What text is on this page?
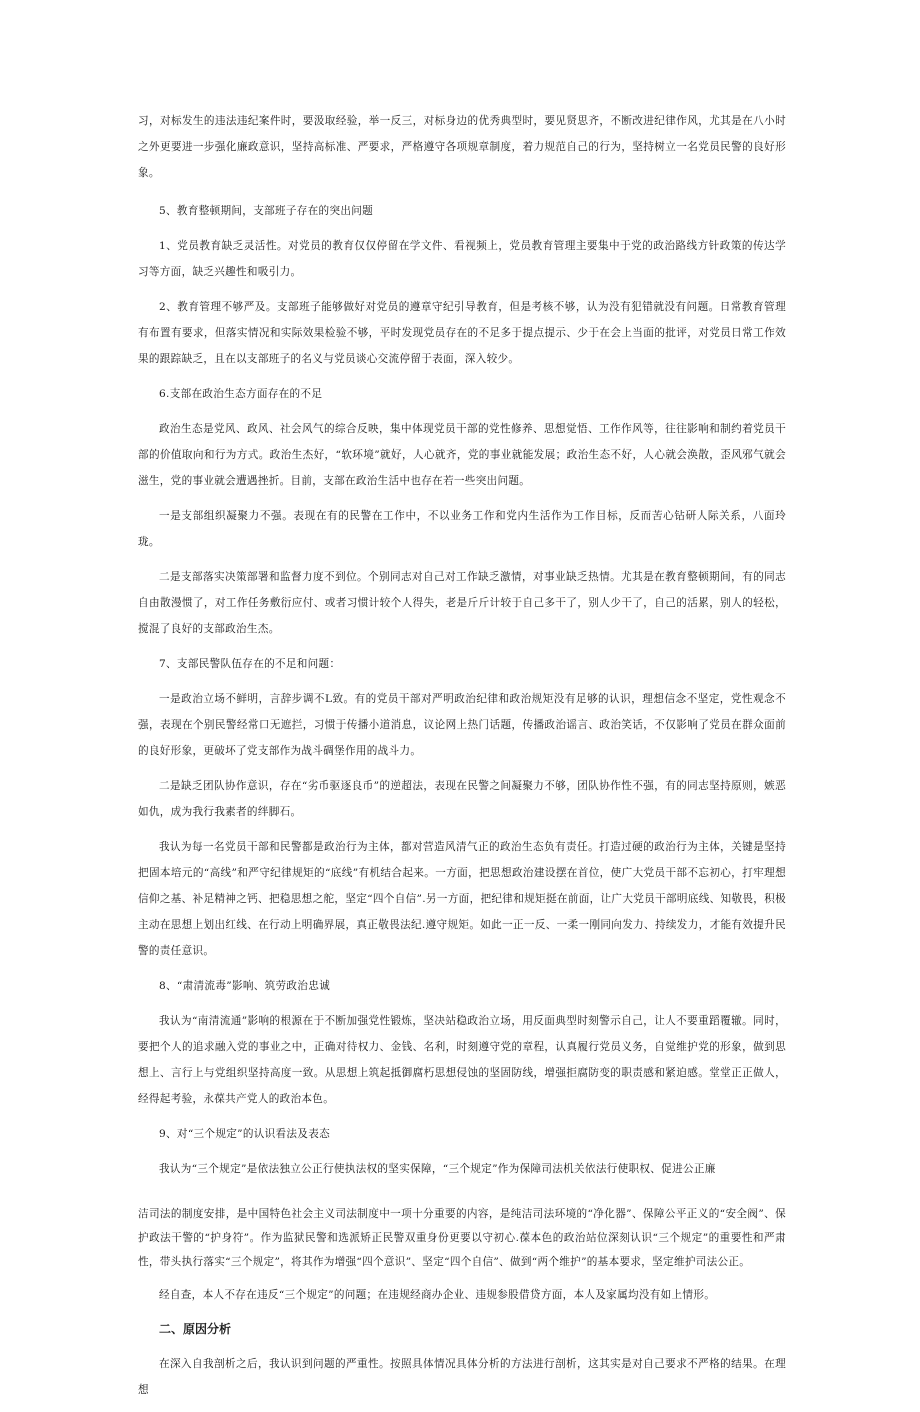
习，对标发生的违法违纪案件时，要汲取经验，举一反三，对标身边的优秀典型时，要见贤思齐，不断改进纪律作风，尤其是在八小时之外更要进一步强化廉政意识，坚持高标准、严要求，严格遵守各项规章制度，着力规范自己的行为，坚持树立一名党员民警的良好形象。

5、教育整顿期间，支部班子存在的突出问题

1、党员教育缺乏灵活性。对党员的教育仅仅停留在学文件、看视频上，党员教育管理主要集中于党的政治路线方针政策的传达学习等方面，缺乏兴趣性和吸引力。

2、教育管理不够严及。支部班子能够做好对党员的遵章守纪引导教育，但是考核不够，认为没有犯错就没有问题。日常教育管理有布置有要求，但落实情况和实际效果检验不够，平时发现党员存在的不足多于提点提示、少于在会上当面的批评，对党员日常工作效果的跟踪缺乏，且在以支部班子的名义与党员谈心交流停留于表面，深入较少。

6.支部在政治生态方面存在的不足

政治生态是党风、政风、社会风气的综合反映，集中体现党员干部的党性修养、思想觉悟、工作作风等，往往影响和制约着党员干部的价值取向和行为方式。政治生杰好，“软环境”就好，人心就齐，党的事业就能发展；政治生态不好，人心就会涣散，歪风邪气就会滋生，党的事业就会遭遇挫折。目前，支部在政治生活中也存在若一些突出问题。

一是支部组织凝聚力不强。表现在有的民警在工作中，不以业务工作和党内生活作为工作目标，反而苦心钻研人际关系，八面玲珑。

二是支部落实决策部署和监督力度不到位。个别同志对自己对工作缺乏激情，对事业缺乏热情。尤其是在教育整顿期间，有的同志自由散漫惯了，对工作任务敷衍应付、或者习惯计较个人得失，老是斤斤计较于自己多干了，别人少干了，自己的活累，别人的轻松，搅混了良好的支部政治生杰。

7、支部民警队伍存在的不足和问题：

一是政治立场不鲜明，言辞步调不L致。有的党员干部对严明政治纪律和政治规矩没有足够的认识，理想信念不坚定，党性观念不强，表现在个别民警经常口无遮拦，习惯于传播小道消息，议论网上热门话题，传播政治谣言、政治笑话，不仅影响了党员在群众面前的良好形象，更破坏了党支部作为战斗碉堡作用的战斗力。

二是缺乏团队协作意识，存在“劣币驱逐良币”的逆超法，表现在民警之间凝聚力不够，团队协作性不强，有的同志坚持原则，嫉恶如仇，成为我行我素者的绊脚石。

我认为每一名党员干部和民警都是政治行为主体，都对营造风清气正的政治生态负有责任。打造过硬的政治行为主体，关键是坚持把固本培元的“高线”和严守纪律规矩的“底线”有机结合起来。一方面，把思想政治建设摆在首位，使广大党员干部不忘初心，打牢理想信仰之基、补足精神之钙、把稳思想之舵，坚定“四个自信”.另一方面，把纪律和规矩挺在前面，让广大党员干部明底线、知敬畏，积极主动在思想上划出红线、在行动上明确界展，真正敬畏法纪.遵守规矩。如此一正一反、一柔一刚同向发力、持续发力，才能有效提升民警的责任意识。

8、“肃清流毒”影响、筑劳政治忠诚

我认为“南清流通”影响的根源在于不断加强党性锻炼，坚决站稳政治立场，用反面典型时刻警示自己，让人不要重蹈覆辙。同时，要把个人的追求融入党的事业之中，正确对待权力、金钱、名利，时刻遵守党的章程，认真履行党员义务，自觉维护党的形象，做到思想上、言行上与党组织坚持高度一致。从思想上筑起抵御腐朽思想侵蚀的坚固防线，增强拒腐防变的职责感和紧迫感。堂堂正正做人，经得起考验，永葆共产党人的政治本色。

9、对“三个规定”的认识看法及表态

我认为“三个规定”是依法独立公正行使执法权的坚实保障，“三个规定”作为保障司法机关依法行使职权、促进公正廉

洁司法的制度安排，是中国特色社会主义司法制度中一项十分重要的内容，是纯洁司法环境的“净化器”、保障公平正义的“安全阀”、保护政法干警的“护身符”。作为监狱民警和选派矫正民警双重身份更要以守初心.葆本色的政治站位深刻认识“三个规定”的重要性和严肃性，带头执行落实“三个规定”，将其作为增强“四个意识”、坚定“四个自信”、做到“两个维护”的基本要求，坚定维护司法公正。

经自查，本人不存在违反“三个规定”的问题；在违规经商办企业、违规参股借贷方面，本人及家属均没有如上情形。

二、原因分析

在深入自我剖析之后，我认识到问题的严重性。按照具体情况具体分析的方法进行剖析，这其实是对自己要求不严格的结果。在理想
